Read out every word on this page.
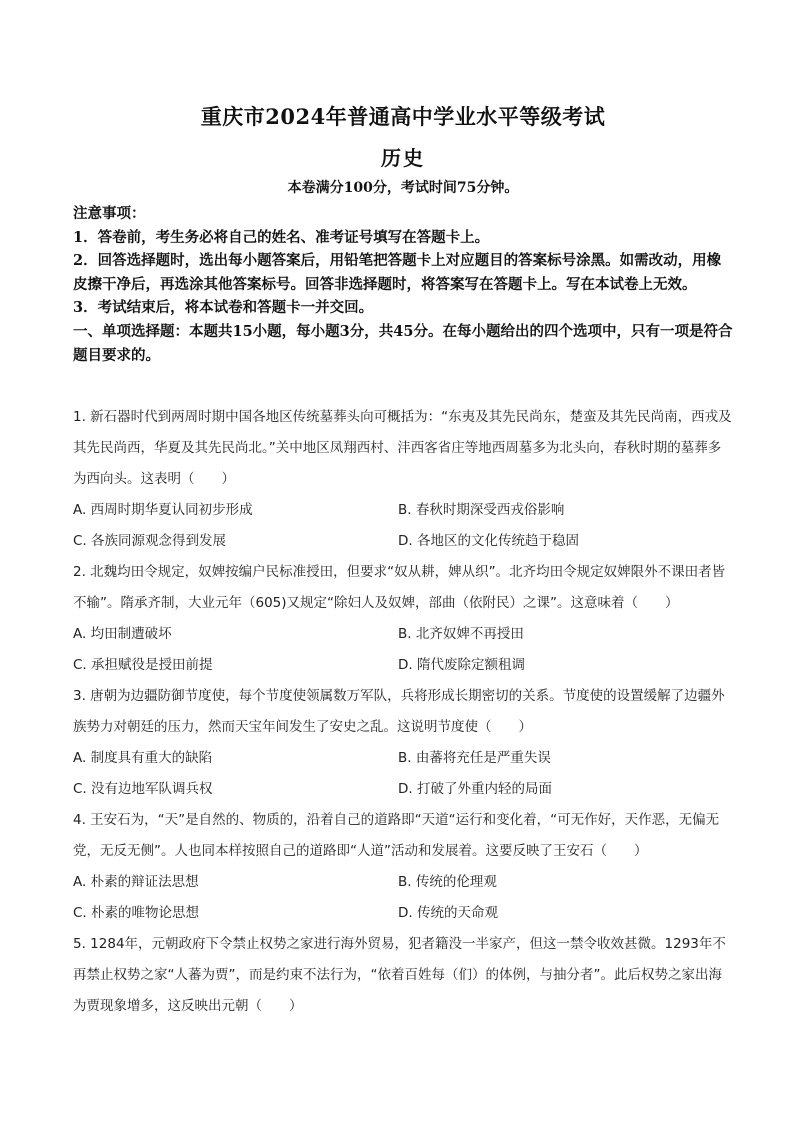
重庆市2024年普通高中学业水平等级考试
历史
本卷满分100分，考试时间75分钟。

注意事项：

1．答卷前，考生务必将自己的姓名、准考证号填写在答题卡上。

2．回答选择题时，选出每小题答案后，用铅笔把答题卡上对应题目的答案标号涂黑。如需改动，用橡皮擦干净后，再选涂其他答案标号。回答非选择题时，将答案写在答题卡上。写在本试卷上无效。

3．考试结束后，将本试卷和答题卡一并交回。

一、单项选择题：本题共15小题，每小题3分，共45分。在每小题给出的四个选项中，只有一项是符合题目要求的。

1. 新石器时代到两周时期中国各地区传统墓葬头向可概括为：“东夷及其先民尚东，楚蛮及其先民尚南，西戎及其先民尚西，华夏及其先民尚北。”关中地区凤翔西村、沣西客省庄等地西周墓多为北头向，春秋时期的墓葬多为西向头。这表明（　　）

A. 西周时期华夏认同初步形成	B. 春秋时期深受西戎俗影响
C. 各族同源观念得到发展	D. 各地区的文化传统趋于稳固

2. 北魏均田令规定，奴婢按编户民标准授田，但要求“奴从耕，婢从织”。北齐均田令规定奴婢限外不课田者皆不输”。隋承齐制，大业元年（605)又规定“除妇人及奴婢，部曲（依附民）之课”。这意味着（　　）

A. 均田制遭破坏	B. 北齐奴婢不再授田
C. 承担赋役是授田前提	D. 隋代废除定额租调

3. 唐朝为边疆防御节度使，每个节度使领属数万军队，兵将形成长期密切的关系。节度使的设置缓解了边疆外族势力对朝廷的压力，然而天宝年间发生了安史之乱。这说明节度使（　　）

A. 制度具有重大的缺陷	B. 由蕃将充任是严重失误
C. 没有边地军队调兵权	D. 打破了外重内轻的局面

4. 王安石为，“天”是自然的、物质的，沿着自己的道路即“天道“运行和变化着，“可无作好，天作恶，无偏无党，无反无侧”。人也同本样按照自己的道路即“人道”活动和发展着。这要反映了王安石（　　）

A. 朴素的辩证法思想	B. 传统的伦理观
C. 朴素的唯物论思想	D. 传统的天命观

5. 1284年，元朝政府下令禁止权势之家进行海外贸易，犯者籍没一半家产，但这一禁令收效甚微。1293年不再禁止权势之家“人蕃为贾”，而是约束不法行为，“依着百姓每（们）的体例，与抽分者”。此后权势之家出海为贾现象增多，这反映出元朝（　　）
